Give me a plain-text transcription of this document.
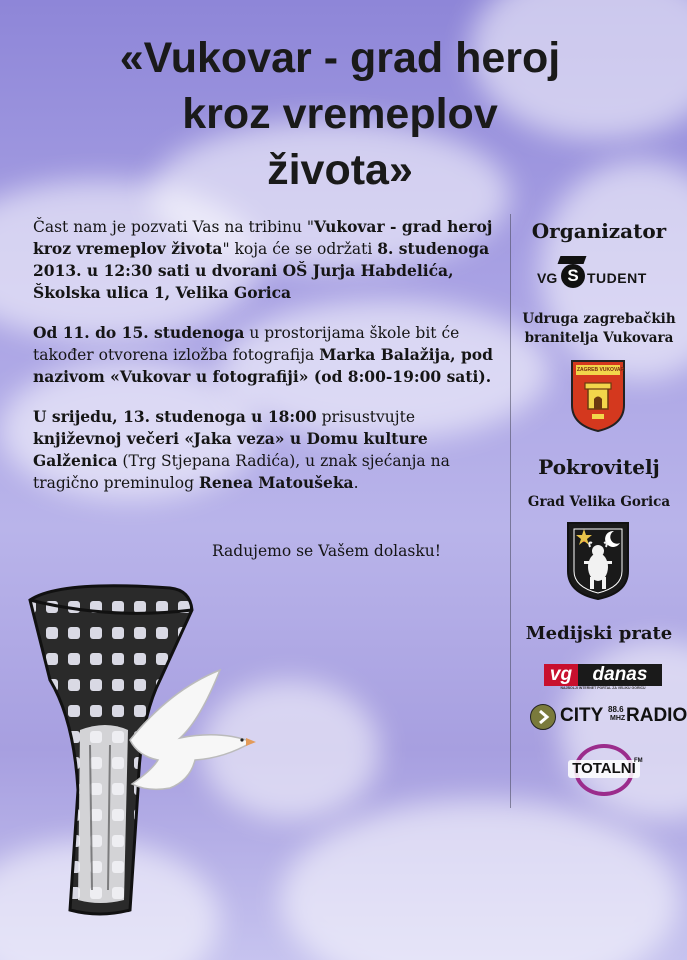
«Vukovar - grad heroj
kroz vremeplov
života»

Čast nam je pozvati Vas na tribinu "Vukovar - grad heroj kroz vremeplov života" koja će se održati 8. studenoga 2013. u 12:30 sati u dvorani OŠ Jurja Habdelića, Školska ulica 1, Velika Gorica

Od 11. do 15. studenoga u prostorijama škole bit će također otvorena izložba fotografija Marka Balažija, pod nazivom «Vukovar u fotografiji» (od 8:00-19:00 sati).

U srijedu, 13. studenoga u 18:00 prisustvujte književnoj večeri «Jaka veza» u Domu kulture Galženica (Trg Stjepana Radića), u znak sjećanja na tragično preminulog Renea Matoušeka.

Radujemo se Vašem dolasku!
Organizator
VG S TUDENT
Udruga zagrebačkih branitelja Vukovara
ZAGREB VUKOVAR
Pokrovitelj
Grad Velika Gorica
Medijski prate
vg	danas
NAJBOLJI INTERNET PORTAL ZA VELIKU GORICU
CITY 88.6
MHZ RADIO
TOTALNI
FM
